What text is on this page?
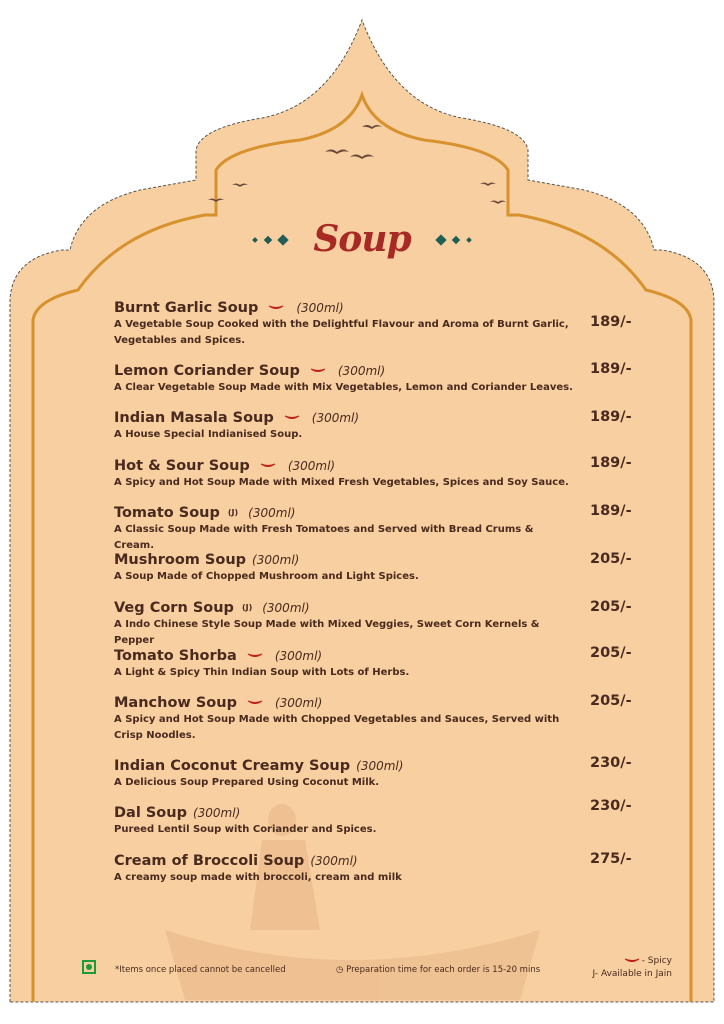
Soup
Burnt Garlic Soup	(300ml)
A Vegetable Soup Cooked with the Delightful Flavour and Aroma of Burnt Garlic, Vegetables and Spices.
189/-
Lemon Coriander Soup	(300ml)
A Clear Vegetable Soup Made with Mix Vegetables, Lemon and Coriander Leaves.
189/-
Indian Masala Soup	(300ml)
A House Special Indianised Soup.
189/-
Hot & Sour Soup	(300ml)
A Spicy and Hot Soup Made with Mixed Fresh Vegetables, Spices and Soy Sauce.
189/-
Tomato Soup (J) (300ml)
A Classic Soup Made with Fresh Tomatoes and Served with Bread Crums & Cream.
189/-
Mushroom Soup (300ml)
A Soup Made of Chopped Mushroom and Light Spices.
205/-
Veg Corn Soup (J) (300ml)
A Indo Chinese Style Soup Made with Mixed Veggies, Sweet Corn Kernels & Pepper
205/-
Tomato Shorba	(300ml)
A Light & Spicy Thin Indian Soup with Lots of Herbs.
205/-
Manchow Soup	(300ml)
A Spicy and Hot Soup Made with Chopped Vegetables and Sauces, Served with Crisp Noodles.
205/-
Indian Coconut Creamy Soup (300ml)
A Delicious Soup Prepared Using Coconut Milk.
230/-
Dal Soup (300ml)
Pureed Lentil Soup with Coriander and Spices.
230/-
Cream of Broccoli Soup (300ml)
A creamy soup made with broccoli, cream and milk
275/-
*Items once placed cannot be cancelled	◷ Preparation time for each order is 15-20 mins
- Spicy
J- Available in Jain
